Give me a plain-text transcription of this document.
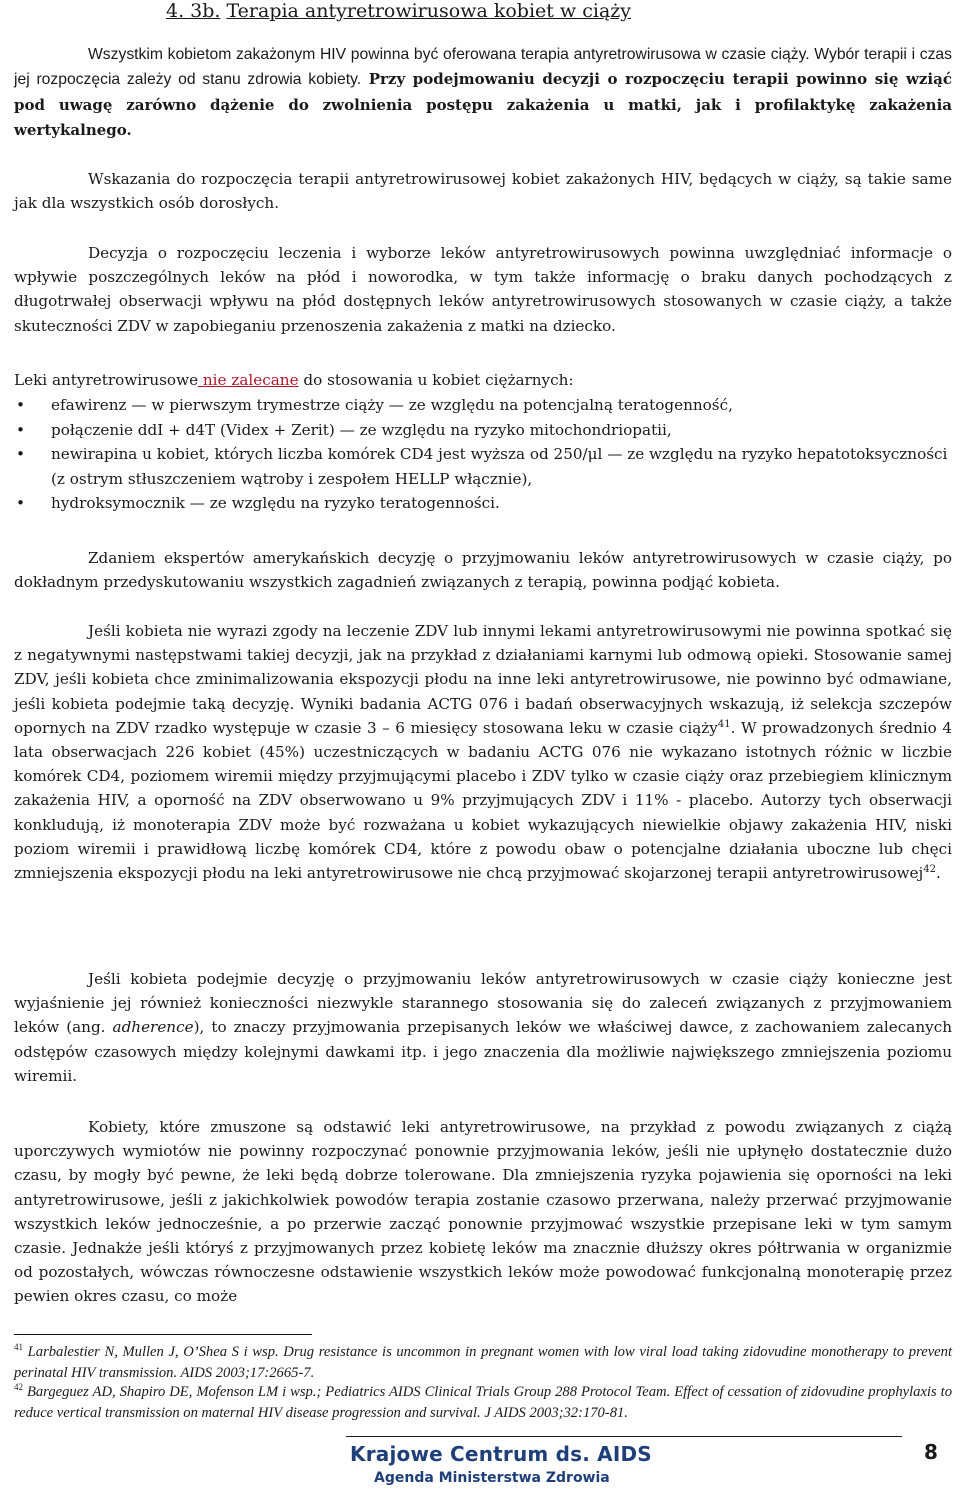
4. 3b. Terapia antyretrowirusowa kobiet w ciąży

Wszystkim kobietom zakażonym HIV powinna być oferowana terapia antyretrowirusowa w czasie ciąży. Wybór terapii i czas jej rozpoczęcia zależy od stanu zdrowia kobiety. Przy podejmowaniu decyzji o rozpoczęciu terapii powinno się wziąć pod uwagę zarówno dążenie do zwolnienia postępu zakażenia u matki, jak i profilaktykę zakażenia wertykalnego.

Wskazania do rozpoczęcia terapii antyretrowirusowej kobiet zakażonych HIV, będących w ciąży, są takie same jak dla wszystkich osób dorosłych.

Decyzja o rozpoczęciu leczenia i wyborze leków antyretrowirusowych powinna uwzględniać informacje o wpływie poszczególnych leków na płód i noworodka, w tym także informację o braku danych pochodzących z długotrwałej obserwacji wpływu na płód dostępnych leków antyretrowirusowych stosowanych w czasie ciąży, a także skuteczności ZDV w zapobieganiu przenoszenia zakażenia z matki na dziecko.

Leki antyretrowirusowe nie zalecane do stosowania u kobiet ciężarnych:
• efawirenz — w pierwszym trymestrze ciąży — ze względu na potencjalną teratogenność,
• połączenie ddI + d4T (Videx + Zerit) — ze względu na ryzyko mitochondriopatii,
• newirapina u kobiet, których liczba komórek CD4 jest wyższa od 250/μl — ze względu na ryzyko hepatotoksyczności (z ostrym stłuszczeniem wątroby i zespołem HELLP włącznie),
• hydroksymocznik — ze względu na ryzyko teratogenności.

Zdaniem ekspertów amerykańskich decyzję o przyjmowaniu leków antyretrowirusowych w czasie ciąży, po dokładnym przedyskutowaniu wszystkich zagadnień związanych z terapią, powinna podjąć kobieta.

Jeśli kobieta nie wyrazi zgody na leczenie ZDV lub innymi lekami antyretrowirusowymi nie powinna spotkać się z negatywnymi następstwami takiej decyzji, jak na przykład z działaniami karnymi lub odmową opieki. Stosowanie samej ZDV, jeśli kobieta chce zminimalizowania ekspozycji płodu na inne leki antyretrowirusowe, nie powinno być odmawiane, jeśli kobieta podejmie taką decyzję. Wyniki badania ACTG 076 i badań obserwacyjnych wskazują, iż selekcja szczepów opornych na ZDV rzadko występuje w czasie 3 – 6 miesięcy stosowana leku w czasie ciąży$^{41}$. W prowadzonych średnio 4 lata obserwacjach 226 kobiet (45%) uczestniczących w badaniu ACTG 076 nie wykazano istotnych różnic w liczbie komórek CD4, poziomem wiremii między przyjmującymi placebo i ZDV tylko w czasie ciąży oraz przebiegiem klinicznym zakażenia HIV, a oporność na ZDV obserwowano u 9% przyjmujących ZDV i 11% - placebo. Autorzy tych obserwacji konkludują, iż monoterapia ZDV może być rozważana u kobiet wykazujących niewielkie objawy zakażenia HIV, niski poziom wiremii i prawidłową liczbę komórek CD4, które z powodu obaw o potencjalne działania uboczne lub chęci zmniejszenia ekspozycji płodu na leki antyretrowirusowe nie chcą przyjmować skojarzonej terapii antyretrowirusowej$^{42}$.

Jeśli kobieta podejmie decyzję o przyjmowaniu leków antyretrowirusowych w czasie ciąży konieczne jest wyjaśnienie jej również konieczności niezwykle starannego stosowania się do zaleceń związanych z przyjmowaniem leków (ang. adherence), to znaczy przyjmowania przepisanych leków we właściwej dawce, z zachowaniem zalecanych odstępów czasowych między kolejnymi dawkami itp. i jego znaczenia dla możliwie największego zmniejszenia poziomu wiremii.

Kobiety, które zmuszone są odstawić leki antyretrowirusowe, na przykład z powodu związanych z ciążą uporczywych wymiotów nie powinny rozpoczynać ponownie przyjmowania leków, jeśli nie upłynęło dostatecznie dużo czasu, by mogły być pewne, że leki będą dobrze tolerowane. Dla zmniejszenia ryzyka pojawienia się oporności na leki antyretrowirusowe, jeśli z jakichkolwiek powodów terapia zostanie czasowo przerwana, należy przerwać przyjmowanie wszystkich leków jednocześnie, a po przerwie zacząć ponownie przyjmować wszystkie przepisane leki w tym samym czasie. Jednakże jeśli któryś z przyjmowanych przez kobietę leków ma znacznie dłuższy okres półtrwania w organizmie od pozostałych, wówczas równoczesne odstawienie wszystkich leków może powodować funkcjonalną monoterapię przez pewien okres czasu, co może

$^{41}$ Larbalestier N, Mullen J, O’Shea S i wsp. Drug resistance is uncommon in pregnant women with low viral load taking zidovudine monotherapy to prevent perinatal HIV transmission. AIDS 2003;17:2665-7.
$^{42}$ Bargeguez AD, Shapiro DE, Mofenson LM i wsp.; Pediatrics AIDS Clinical Trials Group 288 Protocol Team. Effect of cessation of zidovudine prophylaxis to reduce vertical transmission on maternal HIV disease progression and survival. J AIDS 2003;32:170-81.
Krajowe Centrum ds. AIDS
Agenda Ministerstwa Zdrowia
8
